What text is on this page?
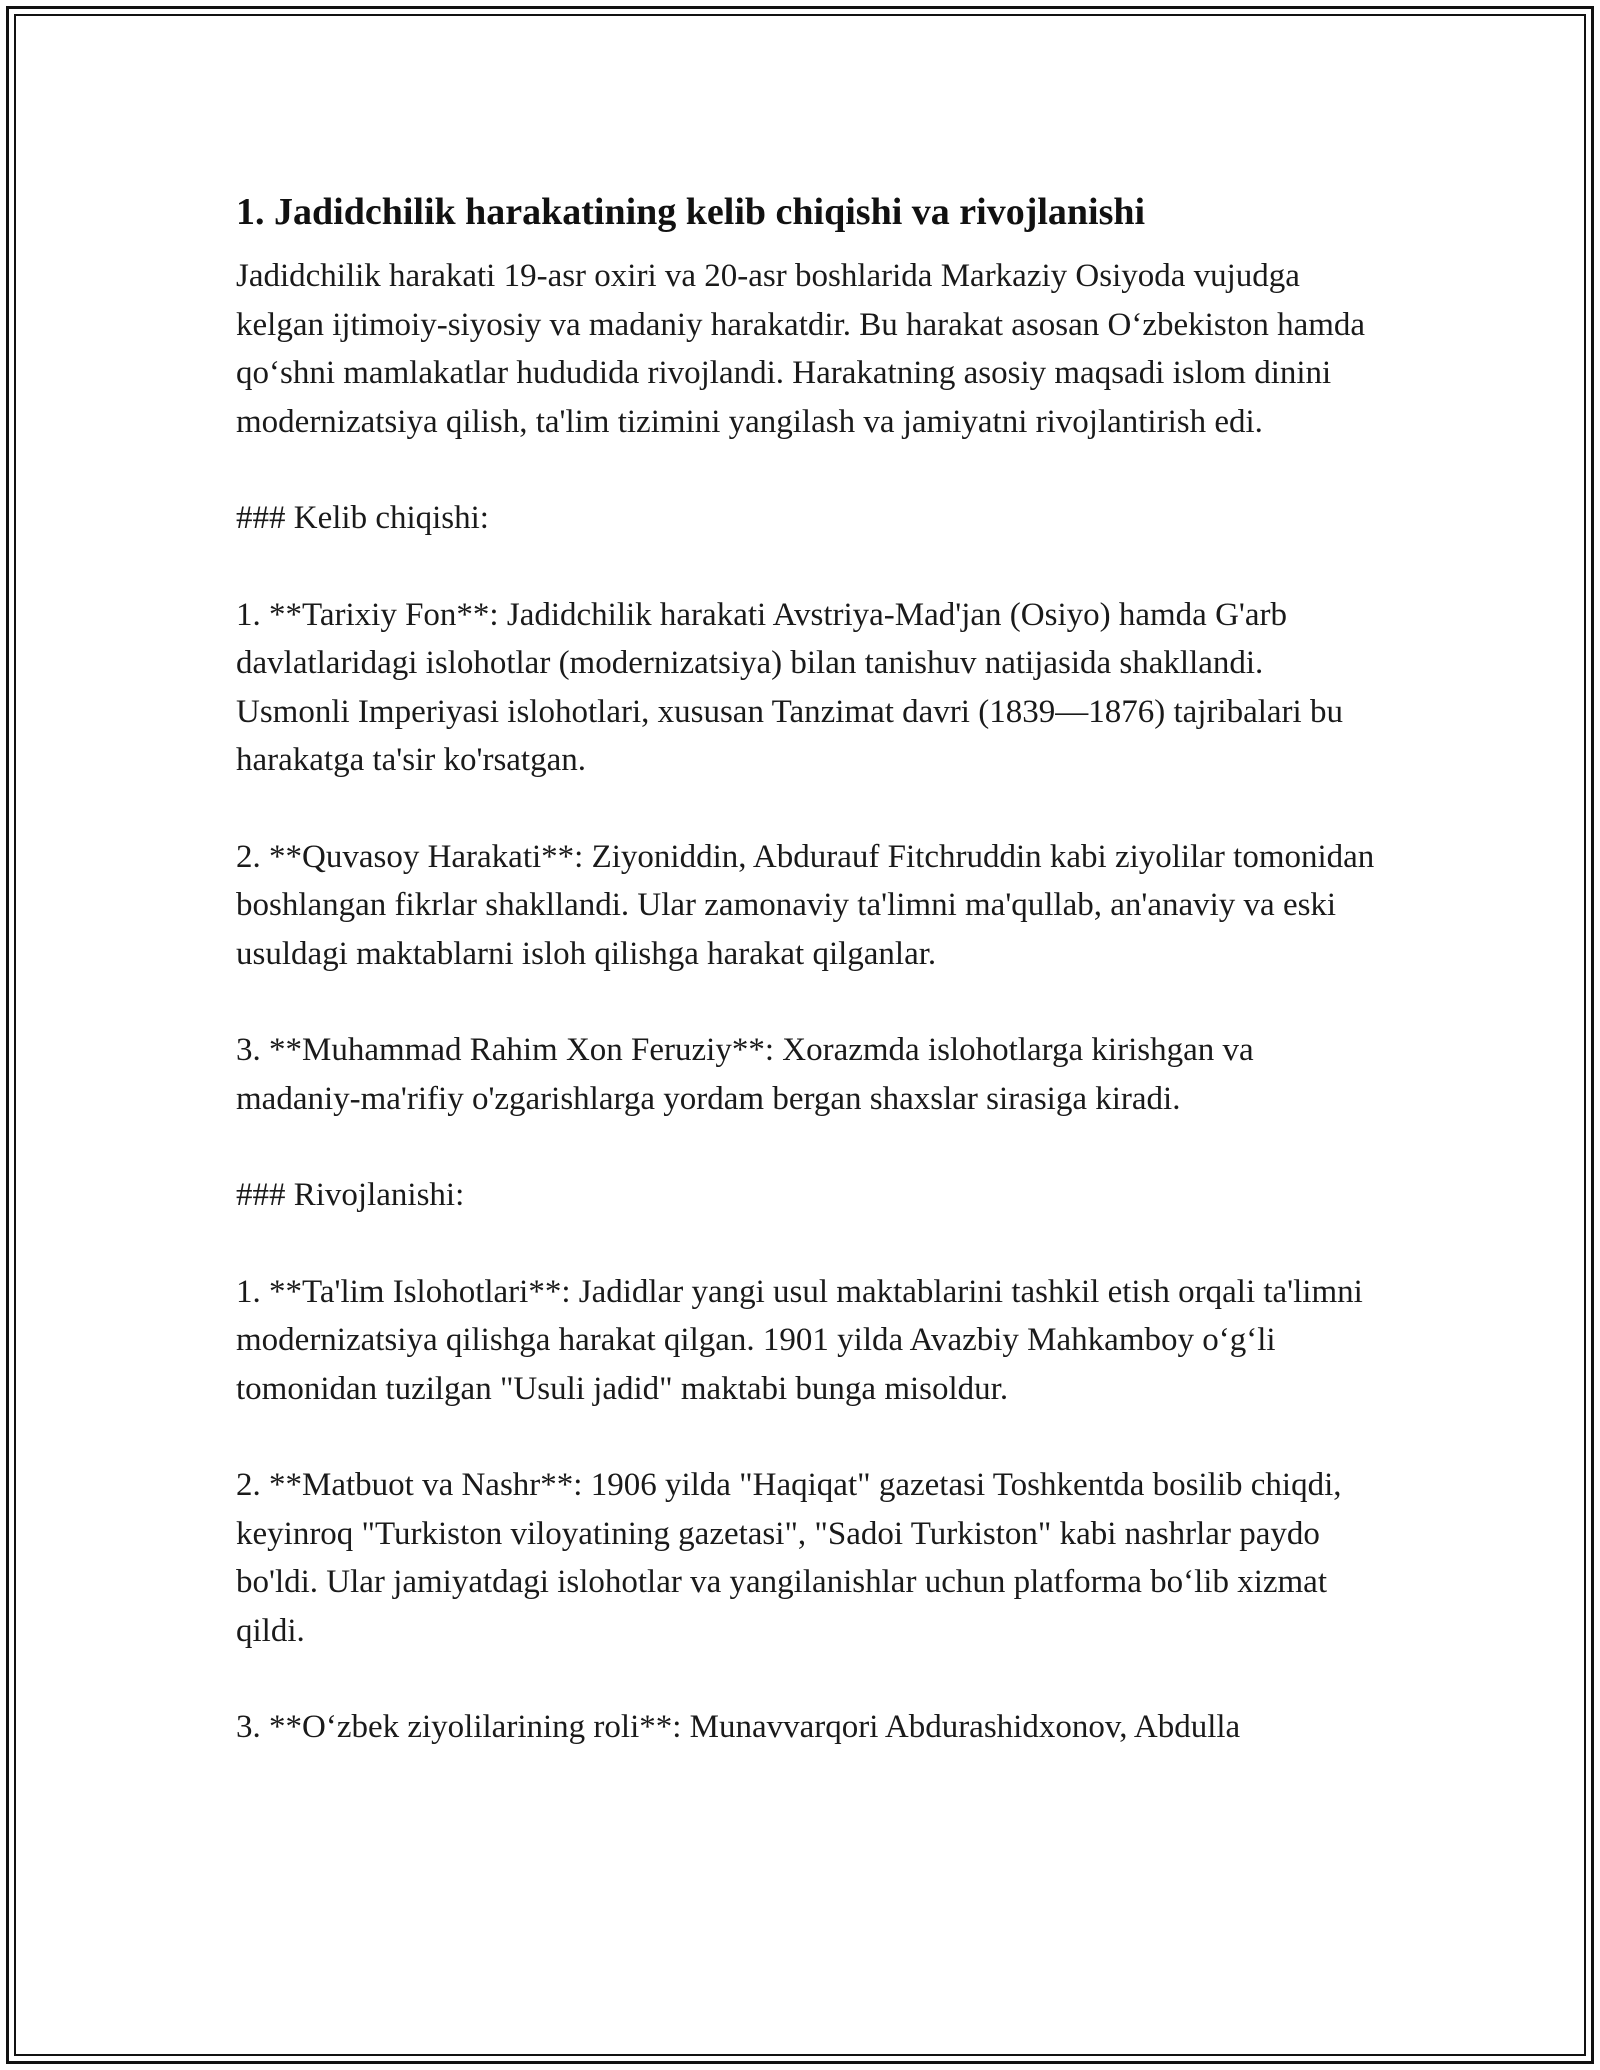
1. Jadidchilik harakatining kelib chiqishi va rivojlanishi

Jadidchilik harakati 19-asr oxiri va 20-asr boshlarida Markaziy Osiyoda vujudga kelgan ijtimoiy-siyosiy va madaniy harakatdir. Bu harakat asosan O‘zbekiston hamda qo‘shni mamlakatlar hududida rivojlandi. Harakatning asosiy maqsadi islom dinini modernizatsiya qilish, ta'lim tizimini yangilash va jamiyatni rivojlantirish edi.

### Kelib chiqishi:

1. **Tarixiy Fon**: Jadidchilik harakati Avstriya-Mad'jan (Osiyo) hamda G'arb davlatlaridagi islohotlar (modernizatsiya) bilan tanishuv natijasida shakllandi. Usmonli Imperiyasi islohotlari, xususan Tanzimat davri (1839—1876) tajribalari bu harakatga ta'sir ko'rsatgan.

2. **Quvasoy Harakati**: Ziyoniddin, Abdurauf Fitchruddin kabi ziyolilar tomonidan boshlangan fikrlar shakllandi. Ular zamonaviy ta'limni ma'qullab, an'anaviy va eski usuldagi maktablarni isloh qilishga harakat qilganlar.

3. **Muhammad Rahim Xon Feruziy**: Xorazmda islohotlarga kirishgan va madaniy-ma'rifiy o'zgarishlarga yordam bergan shaxslar sirasiga kiradi.

### Rivojlanishi:

1. **Ta'lim Islohotlari**: Jadidlar yangi usul maktablarini tashkil etish orqali ta'limni modernizatsiya qilishga harakat qilgan. 1901 yilda Avazbiy Mahkamboy o‘g‘li tomonidan tuzilgan "Usuli jadid" maktabi bunga misoldur.

2. **Matbuot va Nashr**: 1906 yilda "Haqiqat" gazetasi Toshkentda bosilib chiqdi, keyinroq "Turkiston viloyatining gazetasi", "Sadoi Turkiston" kabi nashrlar paydo bo'ldi. Ular jamiyatdagi islohotlar va yangilanishlar uchun platforma bo‘lib xizmat qildi.

3. **O‘zbek ziyolilarining roli**: Munavvarqori Abdurashidxonov, Abdulla
